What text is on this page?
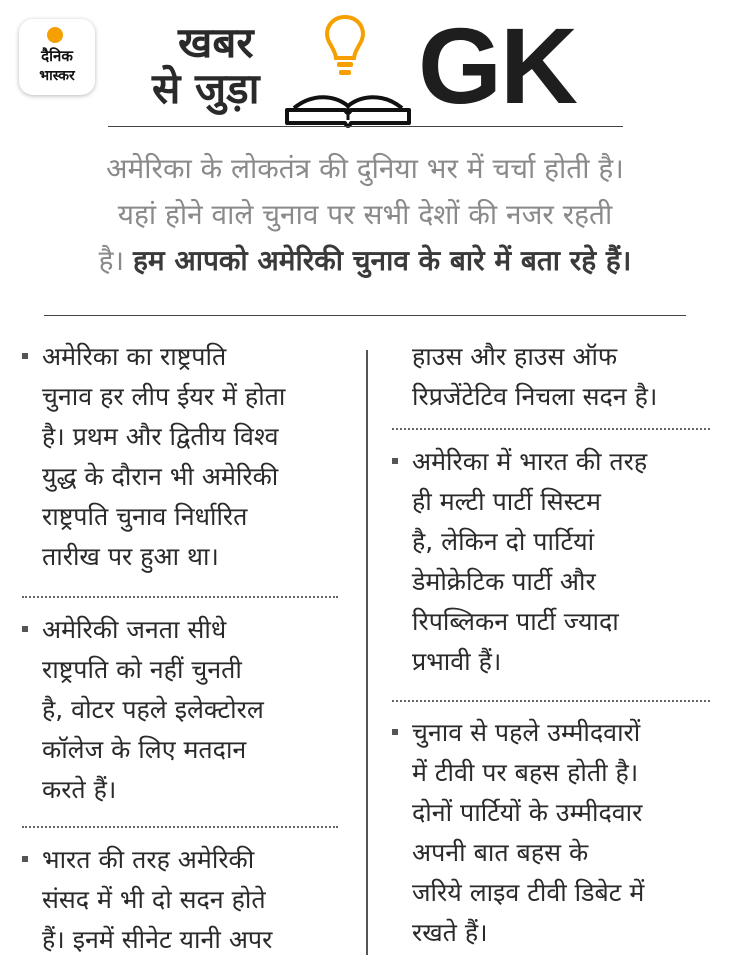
दैनिक
भास्कर
खबर
से जुड़ा GK
अमेरिका के लोकतंत्र की दुनिया भर में चर्चा होती है।
यहां होने वाले चुनाव पर सभी देशों की नजर रहती
है। हम आपको अमेरिकी चुनाव के बारे में बता रहे हैं।
अमेरिका का राष्ट्रपति
चुनाव हर लीप ईयर में होता
है। प्रथम और द्वितीय विश्व
युद्ध के दौरान भी अमेरिकी
राष्ट्रपति चुनाव निर्धारित
तारीख पर हुआ था।
अमेरिकी जनता सीधे
राष्ट्रपति को नहीं चुनती
है, वोटर पहले इलेक्टोरल
कॉलेज के लिए मतदान
करते हैं।
भारत की तरह अमेरिकी
संसद में भी दो सदन होते
हैं। इनमें सीनेट यानी अपर
हाउस और हाउस ऑफ
रिप्रजेंटेटिव निचला सदन है।
अमेरिका में भारत की तरह
ही मल्टी पार्टी सिस्टम
है, लेकिन दो पार्टियां
डेमोक्रेटिक पार्टी और
रिपब्लिकन पार्टी ज्यादा
प्रभावी हैं।
चुनाव से पहले उम्मीदवारों
में टीवी पर बहस होती है।
दोनों पार्टियों के उम्मीदवार
अपनी बात बहस के
जरिये लाइव टीवी डिबेट में
रखते हैं।
